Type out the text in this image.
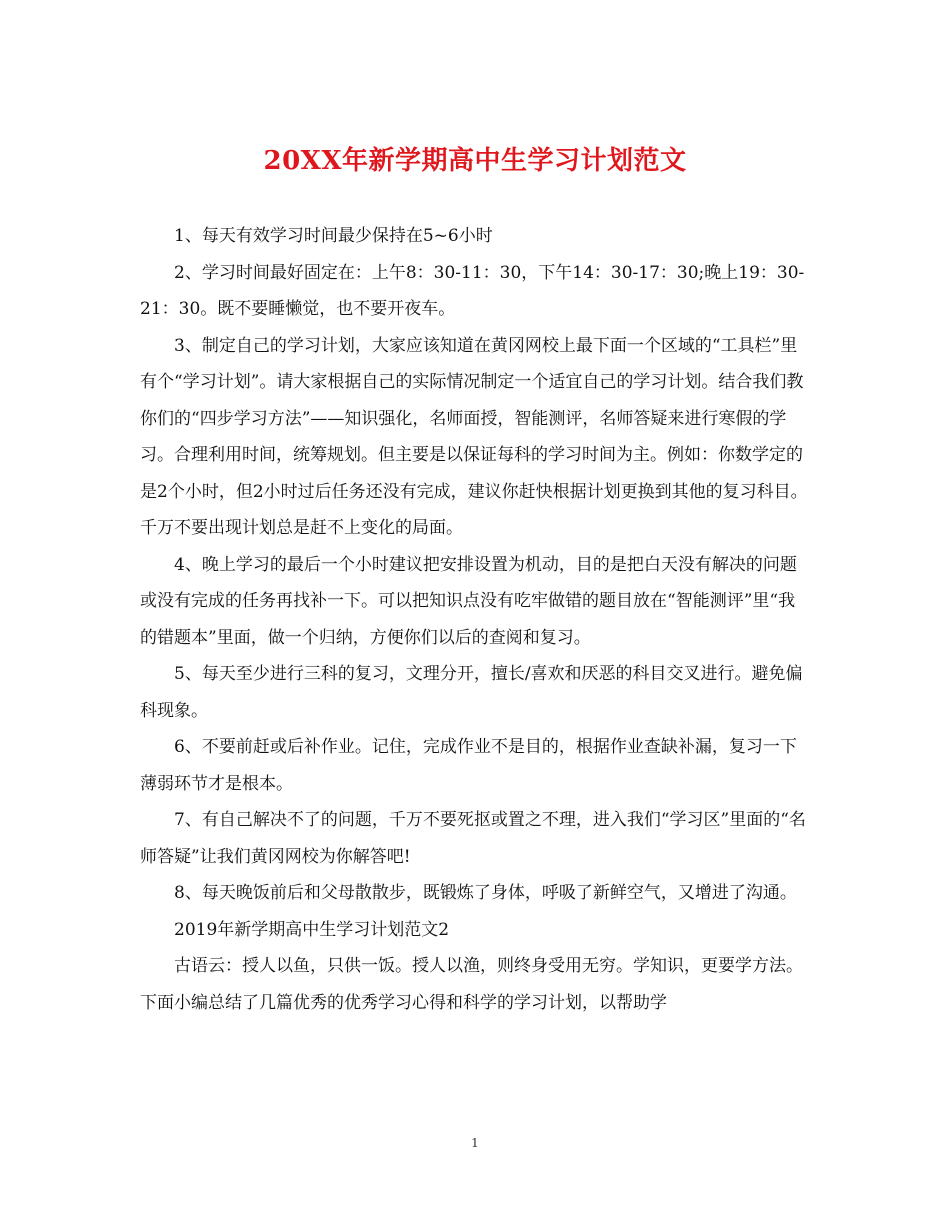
20XX年新学期高中生学习计划范文

1、每天有效学习时间最少保持在5~6小时

2、学习时间最好固定在：上午8：30-11：30，下午14：30-17：30;晚上19：30-21：30。既不要睡懒觉，也不要开夜车。

3、制定自己的学习计划，大家应该知道在黄冈网校上最下面一个区域的“工具栏”里有个“学习计划”。请大家根据自己的实际情况制定一个适宜自己的学习计划。结合我们教你们的“四步学习方法”——知识强化，名师面授，智能测评，名师答疑来进行寒假的学习。合理利用时间，统筹规划。但主要是以保证每科的学习时间为主。例如：你数学定的是2个小时，但2小时过后任务还没有完成，建议你赶快根据计划更换到其他的复习科目。千万不要出现计划总是赶不上变化的局面。

4、晚上学习的最后一个小时建议把安排设置为机动，目的是把白天没有解决的问题或没有完成的任务再找补一下。可以把知识点没有吃牢做错的题目放在“智能测评”里“我的错题本”里面，做一个归纳，方便你们以后的查阅和复习。

5、每天至少进行三科的复习，文理分开，擅长/喜欢和厌恶的科目交叉进行。避免偏科现象。

6、不要前赶或后补作业。记住，完成作业不是目的，根据作业查缺补漏，复习一下薄弱环节才是根本。

7、有自己解决不了的问题，千万不要死抠或置之不理，进入我们“学习区”里面的“名师答疑”让我们黄冈网校为你解答吧!

8、每天晚饭前后和父母散散步，既锻炼了身体，呼吸了新鲜空气，又增进了沟通。

2019年新学期高中生学习计划范文2

古语云：授人以鱼，只供一饭。授人以渔，则终身受用无穷。学知识，更要学方法。下面小编总结了几篇优秀的优秀学习心得和科学的学习计划，以帮助学

1
